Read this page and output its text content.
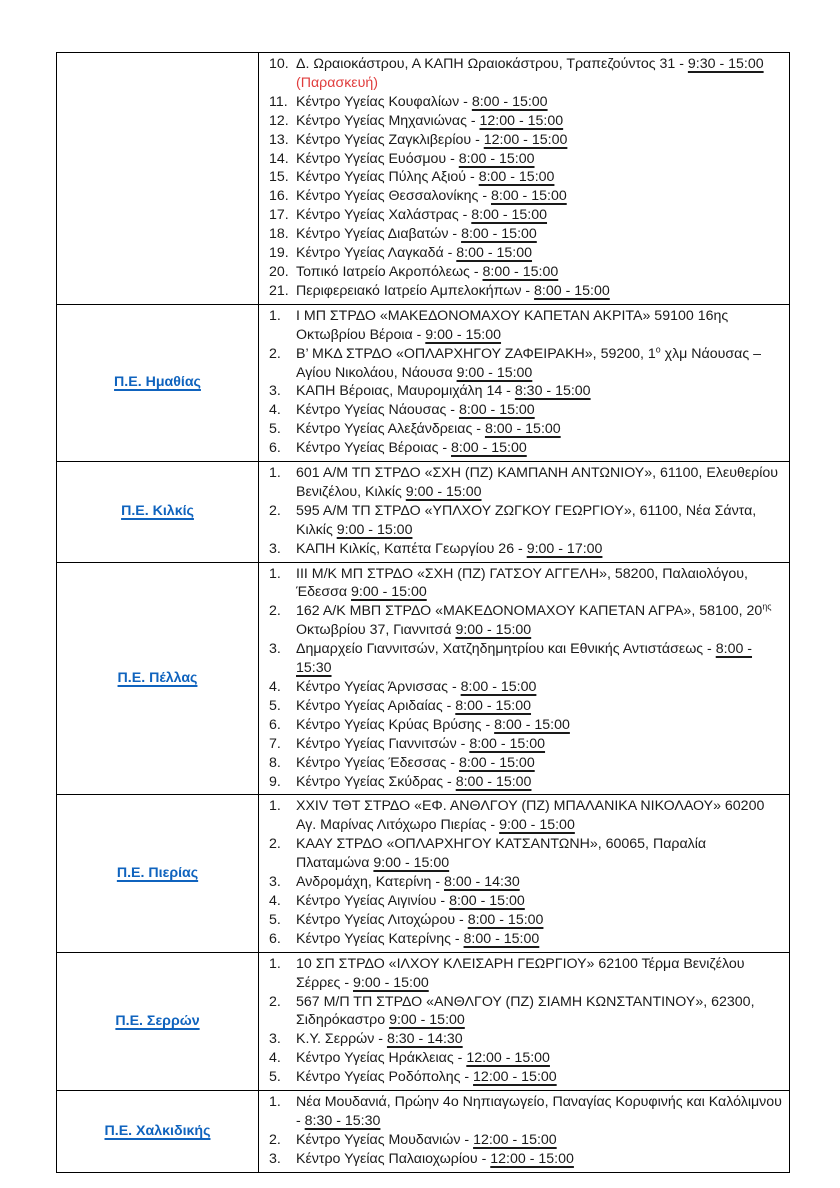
10. Δ. Ωραιοκάστρου, Α ΚΑΠΗ Ωραιοκάστρου, Τραπεζούντος 31 - 9:30 - 15:00 (Παρασκευή)
11. Κέντρο Υγείας Κουφαλίων - 8:00 - 15:00
12. Κέντρο Υγείας Μηχανιώνας - 12:00 - 15:00
13. Κέντρο Υγείας Ζαγκλιβερίου - 12:00 - 15:00
14. Κέντρο Υγείας Ευόσμου - 8:00 - 15:00
15. Κέντρο Υγείας Πύλης Αξιού - 8:00 - 15:00
16. Κέντρο Υγείας Θεσσαλονίκης - 8:00 - 15:00
17. Κέντρο Υγείας Χαλάστρας - 8:00 - 15:00
18. Κέντρο Υγείας Διαβατών - 8:00 - 15:00
19. Κέντρο Υγείας Λαγκαδά - 8:00 - 15:00
20. Τοπικό Ιατρείο Ακροπόλεως - 8:00 - 15:00
21. Περιφερειακό Ιατρείο Αμπελοκήπων - 8:00 - 15:00
Π.Ε. Ημαθίας
1.	Ι ΜΠ ΣΤΡΔΟ «ΜΑΚΕΔΟΝΟΜΑΧΟΥ ΚΑΠΕΤΑΝ ΑΚΡΙΤΑ» 59100 16ης Οκτωβρίου Βέροια - 9:00 - 15:00
2.	Β’ ΜΚΔ ΣΤΡΔΟ «ΟΠΛΑΡΧΗΓΟΥ ΖΑΦΕΙΡΑΚΗ», 59200, $1^o$ χλμ Νάουσας – Αγίου Νικολάου, Νάουσα 9:00 - 15:00
3.	ΚΑΠΗ Βέροιας, Μαυρομιχάλη 14 - 8:30 - 15:00
4.	Κέντρο Υγείας Νάουσας - 8:00 - 15:00
5.	Κέντρο Υγείας Αλεξάνδρειας - 8:00 - 15:00
6.	Κέντρο Υγείας Βέροιας - 8:00 - 15:00
Π.Ε. Κιλκίς
1.	601 Α/Μ ΤΠ ΣΤΡΔΟ «ΣΧΗ (ΠΖ) ΚΑΜΠΑΝΗ ΑΝΤΩΝΙΟΥ», 61100, Ελευθερίου Βενιζέλου, Κιλκίς 9:00 - 15:00
2.	595 Α/Μ ΤΠ ΣΤΡΔΟ «ΥΠΛΧΟΥ ΖΩΓΚΟΥ ΓΕΩΡΓΙΟΥ», 61100, Νέα Σάντα, Κιλκίς 9:00 - 15:00
3.	ΚΑΠΗ Κιλκίς, Καπέτα Γεωργίου 26 - 9:00 - 17:00
Π.Ε. Πέλλας
1.	ΙΙΙ Μ/Κ ΜΠ ΣΤΡΔΟ «ΣΧΗ (ΠΖ) ΓΑΤΣΟΥ ΑΓΓΕΛΗ», 58200, Παλαιολόγου, Έδεσσα 9:00 - 15:00
2.	162 Α/Κ ΜΒΠ ΣΤΡΔΟ «ΜΑΚΕΔΟΝΟΜΑΧΟΥ ΚΑΠΕΤΑΝ ΑΓΡΑ», 58100, $20^{\eta\varsigma}$ Οκτωβρίου 37, Γιαννιτσά 9:00 - 15:00
3.	Δημαρχείο Γιαννιτσών, Χατζηδημητρίου και Εθνικής Αντιστάσεως - 8:00 - 15:30
4.	Κέντρο Υγείας Άρνισσας - 8:00 - 15:00
5.	Κέντρο Υγείας Αριδαίας - 8:00 - 15:00
6.	Κέντρο Υγείας Κρύας Βρύσης - 8:00 - 15:00
7.	Κέντρο Υγείας Γιαννιτσών - 8:00 - 15:00
8.	Κέντρο Υγείας Έδεσσας - 8:00 - 15:00
9.	Κέντρο Υγείας Σκύδρας - 8:00 - 15:00
Π.Ε. Πιερίας
1.	XXIV ΤΘΤ ΣΤΡΔΟ «ΕΦ. ΑΝΘΛΓΟΥ (ΠΖ) ΜΠΑΛΑΝΙΚΑ ΝΙΚΟΛΑΟΥ» 60200 Αγ. Μαρίνας Λιτόχωρο Πιερίας - 9:00 - 15:00
2.	ΚΑΑΥ ΣΤΡΔΟ «ΟΠΛΑΡΧΗΓΟΥ ΚΑΤΣΑΝΤΩΝΗ», 60065, Παραλία Πλαταμώνα 9:00 - 15:00
3.	Ανδρομάχη, Κατερίνη - 8:00 - 14:30
4.	Κέντρο Υγείας Αιγινίου - 8:00 - 15:00
5.	Κέντρο Υγείας Λιτοχώρου - 8:00 - 15:00
6.	Κέντρο Υγείας Κατερίνης - 8:00 - 15:00
Π.Ε. Σερρών
1.	10 ΣΠ ΣΤΡΔΟ «ΙΛΧΟΥ ΚΛΕΙΣΑΡΗ ΓΕΩΡΓΙΟΥ» 62100 Τέρμα Βενιζέλου Σέρρες - 9:00 - 15:00
2.	567 Μ/Π ΤΠ ΣΤΡΔΟ «ΑΝΘΛΓΟΥ (ΠΖ) ΣΙΑΜΗ ΚΩΝΣΤΑΝΤΙΝΟΥ», 62300, Σιδηρόκαστρο 9:00 - 15:00
3.	Κ.Υ. Σερρών - 8:30 - 14:30
4.	Κέντρο Υγείας Ηράκλειας - 12:00 - 15:00
5.	Κέντρο Υγείας Ροδόπολης - 12:00 - 15:00
Π.Ε. Χαλκιδικής
1.	Νέα Μουδανιά, Πρώην 4ο Νηπιαγωγείο, Παναγίας Κορυφινής και Καλόλιμνου - 8:30 - 15:30
2.	Κέντρο Υγείας Μουδανιών - 12:00 - 15:00
3.	Κέντρο Υγείας Παλαιοχωρίου - 12:00 - 15:00
